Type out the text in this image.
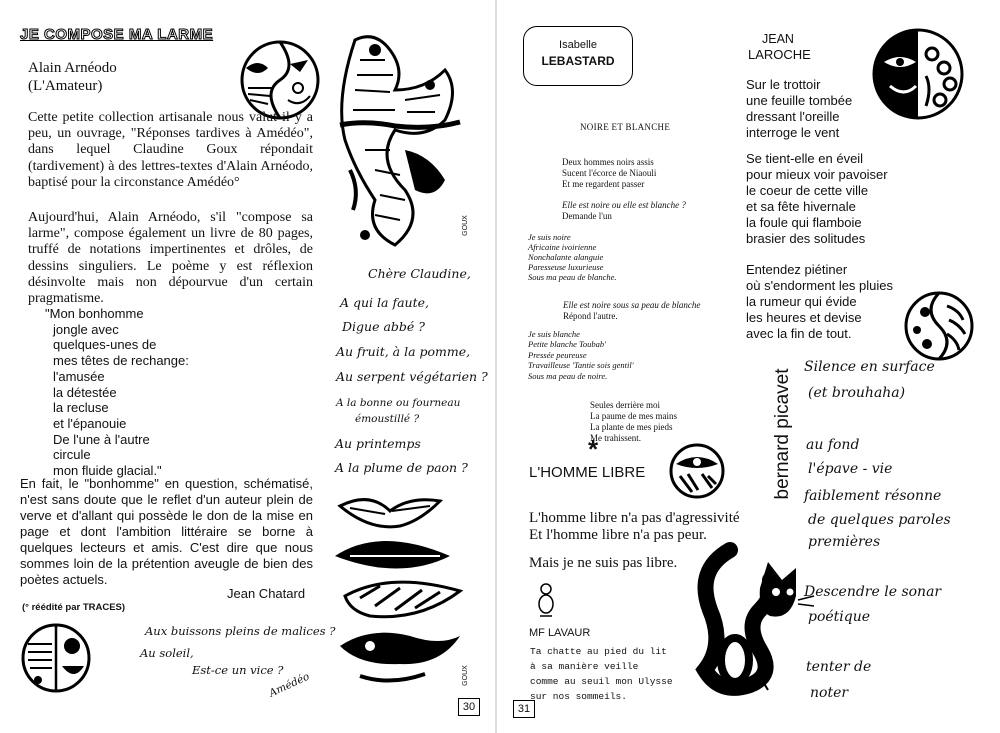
JE COMPOSE MA LARME
Alain Arnéodo
(L'Amateur)
Cette petite collection artisanale nous valut il y a peu, un ouvrage, "Réponses tardives à Amédéo", dans lequel Claudine Goux répondait (tardivement) à des lettres-textes d'Alain Arnéodo, baptisé pour la circonstance Amédéo°
Aujourd'hui, Alain Arnéodo, s'il "compose sa larme", compose également un livre de 80 pages, truffé de notations impertinentes et drôles, de dessins singuliers. Le poème y est réflexion désinvolte mais non dépourvue d'un certain pragmatisme.

"Mon bonhomme

jongle avec

quelques-unes de

mes têtes de rechange:

l'amusée

la détestée

la recluse

et l'épanouie

De l'une à l'autre

circule

mon fluide glacial."

En fait, le "bonhomme" en question, schématisé, n'est sans doute que le reflet d'un auteur plein de verve et d'allant qui possède le don de la mise en page et dont l'ambition littéraire se borne à quelques lecteurs et amis. C'est dire que nous sommes loin de la prétention aveugle de bien des poètes actuels.
Jean Chatard
(° réédité par TRACES)
Aux buissons pleins de malices ?
Au soleil,
Est-ce un vice ?
Amédéo
GOUX
Chère Claudine,
A qui la faute,
Digue abbé ?
Au fruit, à la pomme,
Au serpent végétarien ?
A la bonne ou fourneau
émoustillé ?
Au printemps
A la plume de paon ?
GOUX
30
Isabelle
LEBASTARD
NOIRE ET BLANCHE

Deux hommes noirs assis

Sucent l'écorce de Niaouli

Et me regardent passer

Elle est noire ou elle est blanche ?

Demande l'un

Je suis noire

Africaine ivoirienne

Nonchalante alanguie

Paresseuse luxurieuse

Sous ma peau de blanche.

Elle est noire sous sa peau de blanche

Répond l'autre.

Je suis blanche

Petite blanche Toubab'

Pressée peureuse

Travailleuse 'Tantie sois gentil'

Sous ma peau de noire.

Seules derrière moi

La paume de mes mains

La plante de mes pieds

Me trahissent.

*
L'HOMME LIBRE

L'homme libre n'a pas d'agressivité

Et l'homme libre n'a pas peur.

Mais je ne suis pas libre.
MF LAVAUR

Ta chatte au pied du lit

à sa manière veille

comme au seuil mon Ulysse

sur nos sommeils.

31
JEAN
LAROCHE

Sur le trottoir

une feuille tombée

dressant l'oreille

interroge le vent

Se tient-elle en éveil

pour mieux voir pavoiser

le coeur de cette ville

et sa fête hivernale

la foule qui flamboie

brasier des solitudes

Entendez piétiner

où s'endorment les pluies

la rumeur qui évide

les heures et devise

avec la fin de tout.

bernard picavet
Silence en surface
(et brouhaha)
au fond
l'épave - vie
faiblement résonne
de quelques paroles
premières
Descendre le sonar
poétique
tenter de
noter
